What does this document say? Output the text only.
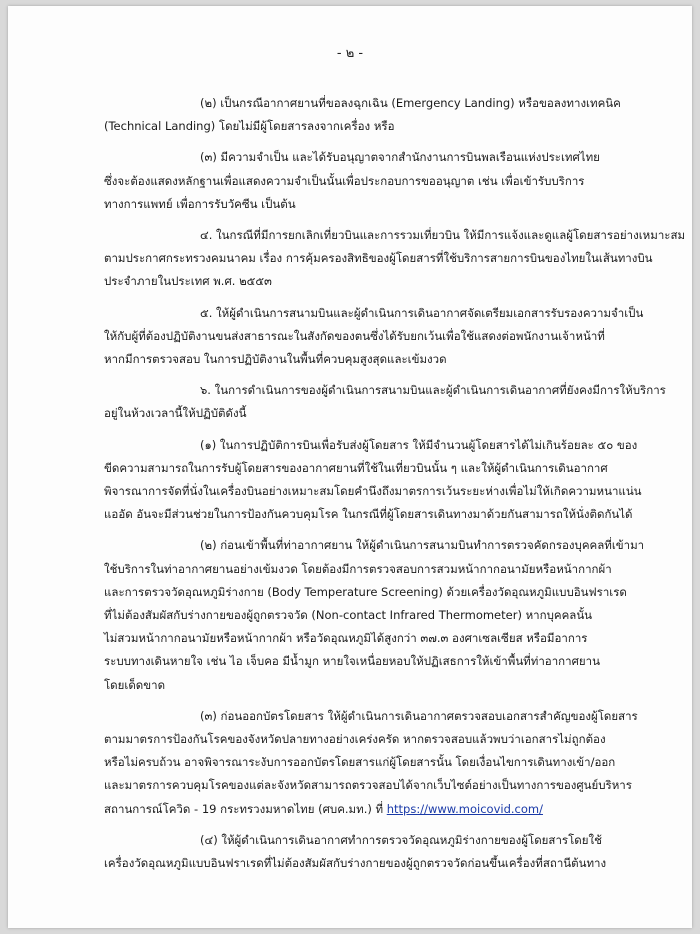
- ๒ -

(๒) เป็นกรณีอากาศยานที่ขอลงฉุกเฉิน (Emergency Landing) หรือขอลงทางเทคนิค
(Technical Landing) โดยไม่มีผู้โดยสารลงจากเครื่อง หรือ

(๓) มีความจำเป็น และได้รับอนุญาตจากสำนักงานการบินพลเรือนแห่งประเทศไทย
ซึ่งจะต้องแสดงหลักฐานเพื่อแสดงความจำเป็นนั้นเพื่อประกอบการขออนุญาต เช่น เพื่อเข้ารับบริการ
ทางการแพทย์ เพื่อการรับวัคซีน เป็นต้น

๔. ในกรณีที่มีการยกเลิกเที่ยวบินและการรวมเที่ยวบิน ให้มีการแจ้งและดูแลผู้โดยสารอย่างเหมาะสม
ตามประกาศกระทรวงคมนาคม เรื่อง การคุ้มครองสิทธิของผู้โดยสารที่ใช้บริการสายการบินของไทยในเส้นทางบิน
ประจำภายในประเทศ พ.ศ. ๒๕๕๓

๕. ให้ผู้ดำเนินการสนามบินและผู้ดำเนินการเดินอากาศจัดเตรียมเอกสารรับรองความจำเป็น
ให้กับผู้ที่ต้องปฏิบัติงานขนส่งสาธารณะในสังกัดของตนซึ่งได้รับยกเว้นเพื่อใช้แสดงต่อพนักงานเจ้าหน้าที่
หากมีการตรวจสอบ ในการปฏิบัติงานในพื้นที่ควบคุมสูงสุดและเข้มงวด

๖. ในการดำเนินการของผู้ดำเนินการสนามบินและผู้ดำเนินการเดินอากาศที่ยังคงมีการให้บริการ
อยู่ในห้วงเวลานี้ให้ปฏิบัติดังนี้

(๑) ในการปฏิบัติการบินเพื่อรับส่งผู้โดยสาร ให้มีจำนวนผู้โดยสารได้ไม่เกินร้อยละ ๕๐ ของ
ขีดความสามารถในการรับผู้โดยสารของอากาศยานที่ใช้ในเที่ยวบินนั้น ๆ และให้ผู้ดำเนินการเดินอากาศ
พิจารณาการจัดที่นั่งในเครื่องบินอย่างเหมาะสมโดยคำนึงถึงมาตรการเว้นระยะห่างเพื่อไม่ให้เกิดความหนาแน่น
แออัด อันจะมีส่วนช่วยในการป้องกันควบคุมโรค ในกรณีที่ผู้โดยสารเดินทางมาด้วยกันสามารถให้นั่งติดกันได้

(๒) ก่อนเข้าพื้นที่ท่าอากาศยาน ให้ผู้ดำเนินการสนามบินทำการตรวจคัดกรองบุคคลที่เข้ามา
ใช้บริการในท่าอากาศยานอย่างเข้มงวด โดยต้องมีการตรวจสอบการสวมหน้ากากอนามัยหรือหน้ากากผ้า
และการตรวจวัดอุณหภูมิร่างกาย (Body Temperature Screening) ด้วยเครื่องวัดอุณหภูมิแบบอินฟราเรด
ที่ไม่ต้องสัมผัสกับร่างกายของผู้ถูกตรวจวัด (Non-contact Infrared Thermometer) หากบุคคลนั้น
ไม่สวมหน้ากากอนามัยหรือหน้ากากผ้า หรือวัดอุณหภูมิได้สูงกว่า ๓๗.๓ องศาเซลเซียส หรือมีอาการ
ระบบทางเดินหายใจ เช่น ไอ เจ็บคอ มีน้ำมูก หายใจเหนื่อยหอบให้ปฏิเสธการให้เข้าพื้นที่ท่าอากาศยาน
โดยเด็ดขาด

(๓) ก่อนออกบัตรโดยสาร ให้ผู้ดำเนินการเดินอากาศตรวจสอบเอกสารสำคัญของผู้โดยสาร
ตามมาตรการป้องกันโรคของจังหวัดปลายทางอย่างเคร่งครัด หากตรวจสอบแล้วพบว่าเอกสารไม่ถูกต้อง
หรือไม่ครบถ้วน อาจพิจารณาระงับการออกบัตรโดยสารแก่ผู้โดยสารนั้น โดยเงื่อนไขการเดินทางเข้า/ออก
และมาตรการควบคุมโรคของแต่ละจังหวัดสามารถตรวจสอบได้จากเว็บไซต์อย่างเป็นทางการของศูนย์บริหาร
สถานการณ์โควิด - 19 กระทรวงมหาดไทย (ศบค.มท.) ที่ https://www.moicovid.com/

(๔) ให้ผู้ดำเนินการเดินอากาศทำการตรวจวัดอุณหภูมิร่างกายของผู้โดยสารโดยใช้
เครื่องวัดอุณหภูมิแบบอินฟราเรดที่ไม่ต้องสัมผัสกับร่างกายของผู้ถูกตรวจวัดก่อนขึ้นเครื่องที่สถานีต้นทาง
